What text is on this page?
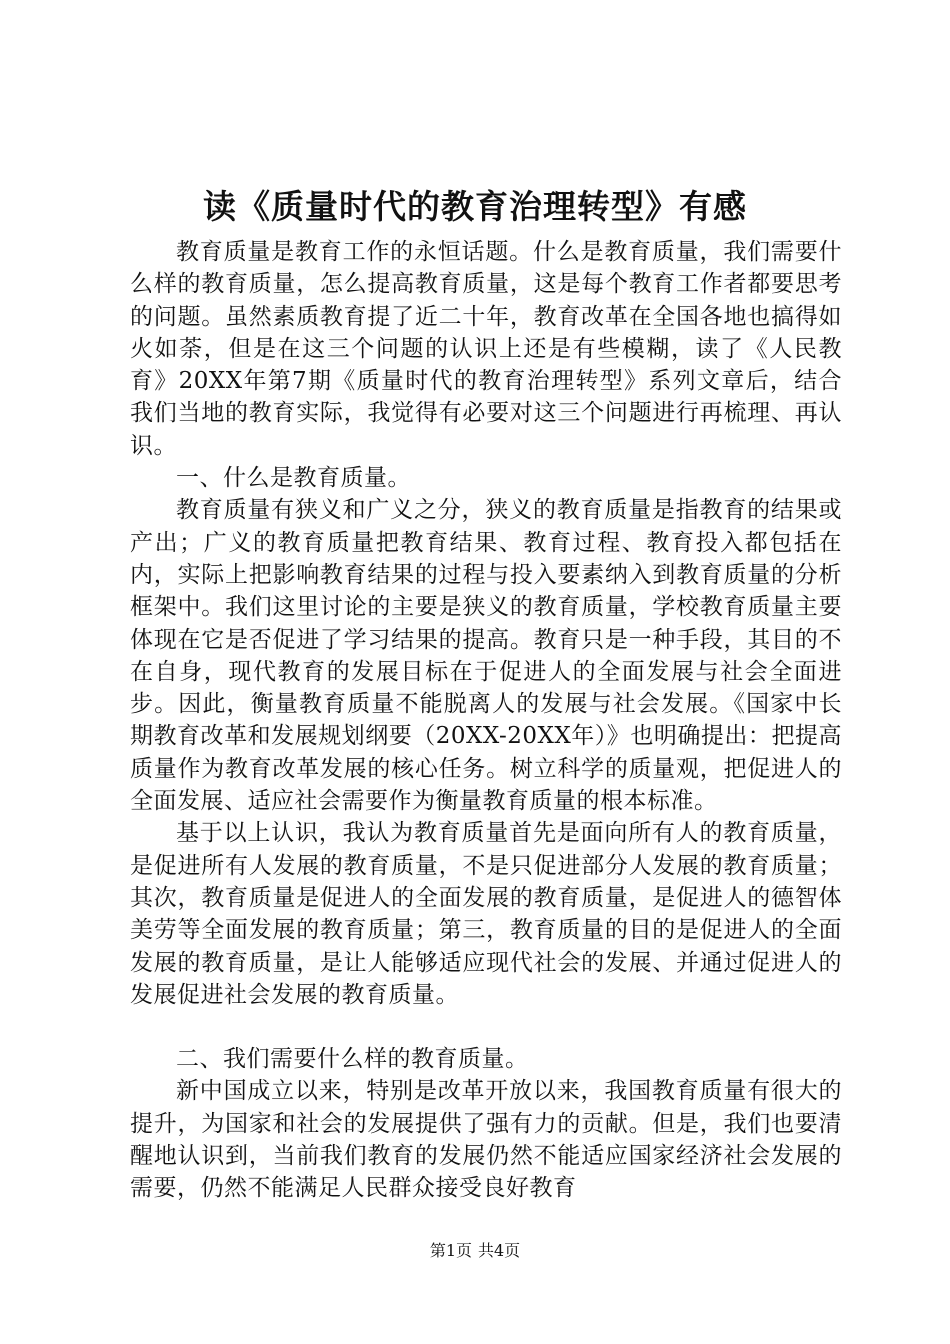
读《质量时代的教育治理转型》有感

教育质量是教育工作的永恒话题。什么是教育质量，我们需要什么样的教育质量，怎么提高教育质量，这是每个教育工作者都要思考的问题。虽然素质教育提了近二十年，教育改革在全国各地也搞得如火如荼，但是在这三个问题的认识上还是有些模糊，读了《人民教育》20XX年第7期《质量时代的教育治理转型》系列文章后，结合我们当地的教育实际，我觉得有必要对这三个问题进行再梳理、再认识。

一、什么是教育质量。

教育质量有狭义和广义之分，狭义的教育质量是指教育的结果或产出；广义的教育质量把教育结果、教育过程、教育投入都包括在内，实际上把影响教育结果的过程与投入要素纳入到教育质量的分析框架中。我们这里讨论的主要是狭义的教育质量，学校教育质量主要体现在它是否促进了学习结果的提高。教育只是一种手段，其目的不在自身，现代教育的发展目标在于促进人的全面发展与社会全面进步。因此，衡量教育质量不能脱离人的发展与社会发展。《国家中长期教育改革和发展规划纲要（20XX-20XX年）》也明确提出：把提高质量作为教育改革发展的核心任务。树立科学的质量观，把促进人的全面发展、适应社会需要作为衡量教育质量的根本标准。

基于以上认识，我认为教育质量首先是面向所有人的教育质量，是促进所有人发展的教育质量，不是只促进部分人发展的教育质量；其次，教育质量是促进人的全面发展的教育质量，是促进人的德智体美劳等全面发展的教育质量；第三，教育质量的目的是促进人的全面发展的教育质量，是让人能够适应现代社会的发展、并通过促进人的发展促进社会发展的教育质量。

二、我们需要什么样的教育质量。

新中国成立以来，特别是改革开放以来，我国教育质量有很大的提升，为国家和社会的发展提供了强有力的贡献。但是，我们也要清醒地认识到，当前我们教育的发展仍然不能适应国家经济社会发展的需要，仍然不能满足人民群众接受良好教育

第1页 共4页
